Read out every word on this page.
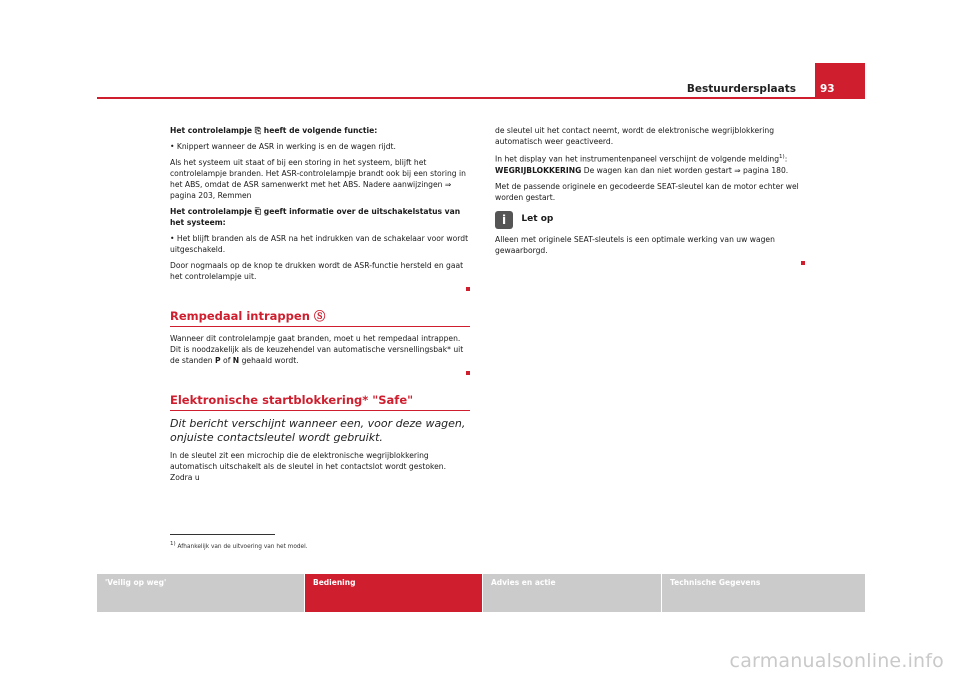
Bestuurdersplaats 93

Het controlelampje ⎘ heeft de volgende functie:

• Knippert wanneer de ASR in werking is en de wagen rijdt.

Als het systeem uit staat of bij een storing in het systeem, blijft het controlelampje branden. Het ASR-controlelampje brandt ook bij een storing in het ABS, omdat de ASR samenwerkt met het ABS. Nadere aanwijzingen ⇒ pagina 203, Remmen

Het controlelampje ⎗ geeft informatie over de uitschakelstatus van het systeem:

• Het blijft branden als de ASR na het indrukken van de schakelaar voor wordt uitgeschakeld.

Door nogmaals op de knop te drukken wordt de ASR-functie hersteld en gaat het controlelampje uit.

Rempedaal intrappen Ⓢ

Wanneer dit controlelampje gaat branden, moet u het rempedaal intrappen. Dit is noodzakelijk als de keuzehendel van automatische versnellingsbak* uit de standen P of N gehaald wordt.

Elektronische startblokkering* "Safe"

Dit bericht verschijnt wanneer een, voor deze wagen, onjuiste contactsleutel wordt gebruikt.

In de sleutel zit een microchip die de elektronische wegrijblokkering automatisch uitschakelt als de sleutel in het contactslot wordt gestoken. Zodra u

de sleutel uit het contact neemt, wordt de elektronische wegrijblokkering automatisch weer geactiveerd.

In het display van het instrumentenpaneel verschijnt de volgende melding$^{1)}$: WEGRIJBLOKKERING De wagen kan dan niet worden gestart ⇒ pagina 180.

Met de passende originele en gecodeerde SEAT-sleutel kan de motor echter wel worden gestart.

i Let op

Alleen met originele SEAT-sleutels is een optimale werking van uw wagen gewaarborgd.

1) Afhankelijk van de uitvoering van het model.
'Veilig op weg'	Bediening	Advies en actie	Technische Gegevens
carmanualsonline.info
